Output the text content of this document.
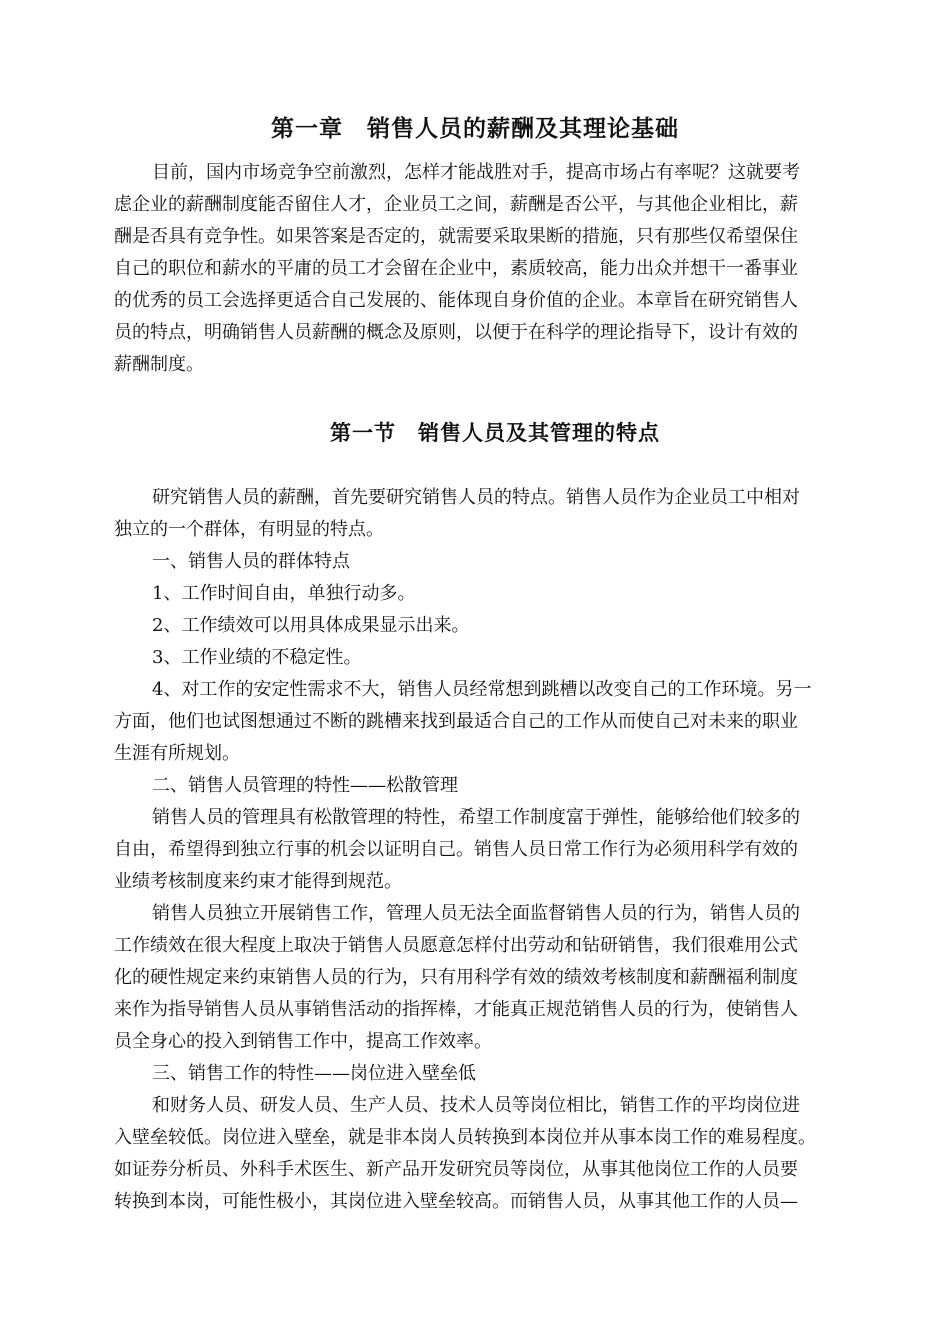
第一章　销售人员的薪酬及其理论基础
目前，国内市场竞争空前激烈，怎样才能战胜对手，提高市场占有率呢？这就要考
虑企业的薪酬制度能否留住人才，企业员工之间，薪酬是否公平，与其他企业相比，薪
酬是否具有竞争性。如果答案是否定的，就需要采取果断的措施，只有那些仅希望保住
自己的职位和薪水的平庸的员工才会留在企业中，素质较高，能力出众并想干一番事业
的优秀的员工会选择更适合自己发展的、能体现自身价值的企业。本章旨在研究销售人
员的特点，明确销售人员薪酬的概念及原则，以便于在科学的理论指导下，设计有效的
薪酬制度。
第一节　销售人员及其管理的特点
研究销售人员的薪酬，首先要研究销售人员的特点。销售人员作为企业员工中相对
独立的一个群体，有明显的特点。
一、销售人员的群体特点
1、工作时间自由，单独行动多。
2、工作绩效可以用具体成果显示出来。
3、工作业绩的不稳定性。
4、对工作的安定性需求不大，销售人员经常想到跳槽以改变自己的工作环境。另一
方面，他们也试图想通过不断的跳槽来找到最适合自己的工作从而使自己对未来的职业
生涯有所规划。
二、销售人员管理的特性——松散管理
销售人员的管理具有松散管理的特性，希望工作制度富于弹性，能够给他们较多的
自由，希望得到独立行事的机会以证明自己。销售人员日常工作行为必须用科学有效的
业绩考核制度来约束才能得到规范。
销售人员独立开展销售工作，管理人员无法全面监督销售人员的行为，销售人员的
工作绩效在很大程度上取决于销售人员愿意怎样付出劳动和钻研销售，我们很难用公式
化的硬性规定来约束销售人员的行为，只有用科学有效的绩效考核制度和薪酬福利制度
来作为指导销售人员从事销售活动的指挥棒，才能真正规范销售人员的行为，使销售人
员全身心的投入到销售工作中，提高工作效率。
三、销售工作的特性——岗位进入壁垒低
和财务人员、研发人员、生产人员、技术人员等岗位相比，销售工作的平均岗位进
入壁垒较低。岗位进入壁垒，就是非本岗人员转换到本岗位并从事本岗工作的难易程度。
如证券分析员、外科手术医生、新产品开发研究员等岗位，从事其他岗位工作的人员要
转换到本岗，可能性极小，其岗位进入壁垒较高。而销售人员，从事其他工作的人员—
